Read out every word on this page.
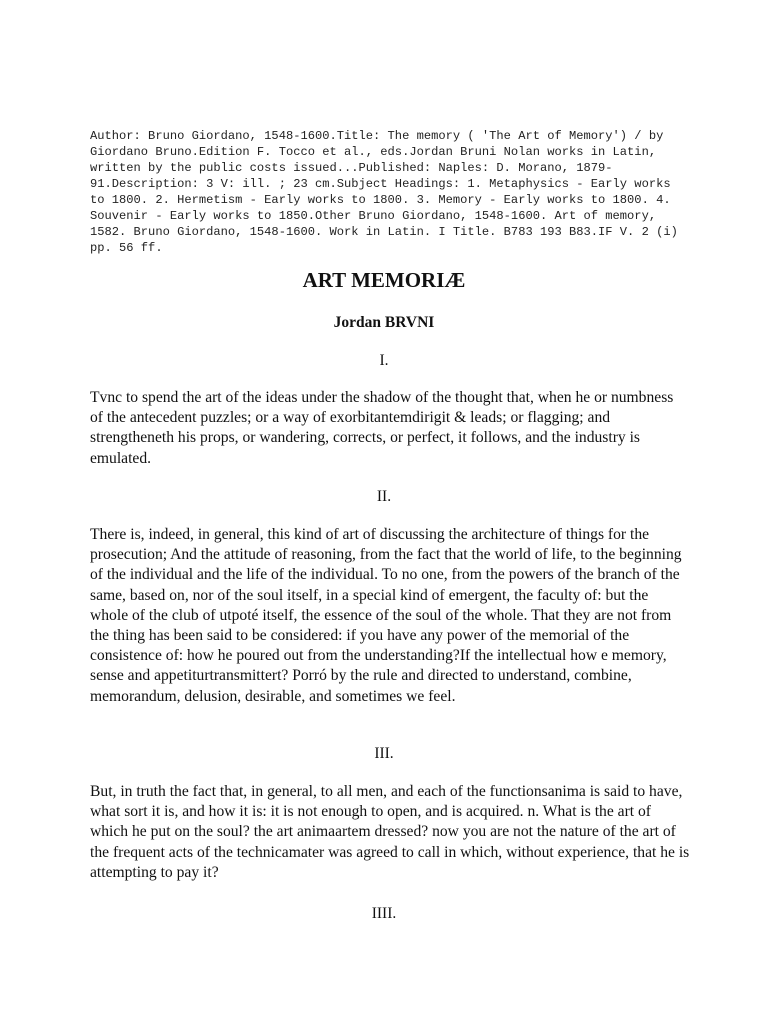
Author: Bruno Giordano, 1548-1600.Title: The memory ( 'The Art of Memory') / by Giordano Bruno.Edition F. Tocco et al., eds.Jordan Bruni Nolan works in Latin, written by the public costs issued...Published: Naples: D. Morano, 1879-91.Description: 3 V: ill. ; 23 cm.Subject Headings: 1. Metaphysics - Early works to 1800. 2. Hermetism - Early works to 1800. 3. Memory - Early works to 1800. 4. Souvenir - Early works to 1850.Other Bruno Giordano, 1548-1600. Art of memory, 1582. Bruno Giordano, 1548-1600. Work in Latin. I Title. B783 193 B83.IF V. 2 (i) pp. 56 ff.

ART MEMORIÆ
Jordan BRVNI
I.

Tvnc to spend the art of the ideas under the shadow of the thought that, when he or numbness of the antecedent puzzles; or a way of exorbitantemdirigit & leads; or flagging; and strengtheneth his props, or wandering, corrects, or perfect, it follows, and the industry is emulated.

II.

There is, indeed, in general, this kind of art of discussing the architecture of things for the prosecution; And the attitude of reasoning, from the fact that the world of life, to the beginning of the individual and the life of the individual. To no one, from the powers of the branch of the same, based on, nor of the soul itself, in a special kind of emergent, the faculty of: but the whole of the club of utpoté itself, the essence of the soul of the whole. That they are not from the thing has been said to be considered: if you have any power of the memorial of the consistence of: how he poured out from the understanding?If the intellectual how e memory, sense and appetiturtransmittert? Porró by the rule and directed to understand, combine, memorandum, delusion, desirable, and sometimes we feel.

III.

But, in truth the fact that, in general, to all men, and each of the functionsanima is said to have, what sort it is, and how it is: it is not enough to open, and is acquired. n. What is the art of which he put on the soul? the art animaartem dressed? now you are not the nature of the art of the frequent acts of the technicamater was agreed to call in which, without experience, that he is attempting to pay it?

IIII.
